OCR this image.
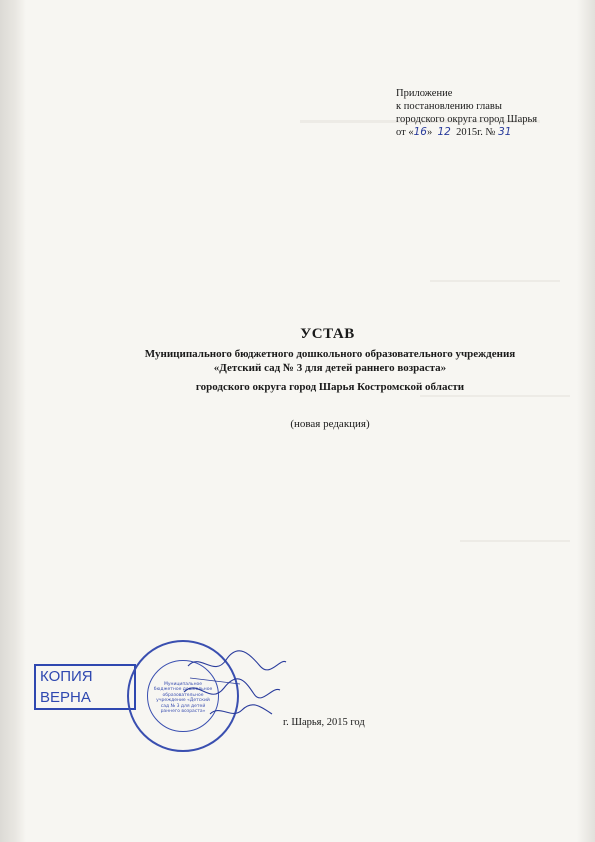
Приложение
к постановлению главы
городского округа город Шарья
от «16» 12 2015г. № 31
УСТАВ
Муниципального бюджетного дошкольного образовательного учреждения
«Детский сад № 3 для детей раннего возраста»
городского округа город Шарья Костромской области
(новая редакция)
КОПИЯ
ВЕРНА
Муниципальное бюджетное дошкольное образовательное учреждение «Детский сад № 3 для детей раннего возраста»
г. Шарья, 2015 год
